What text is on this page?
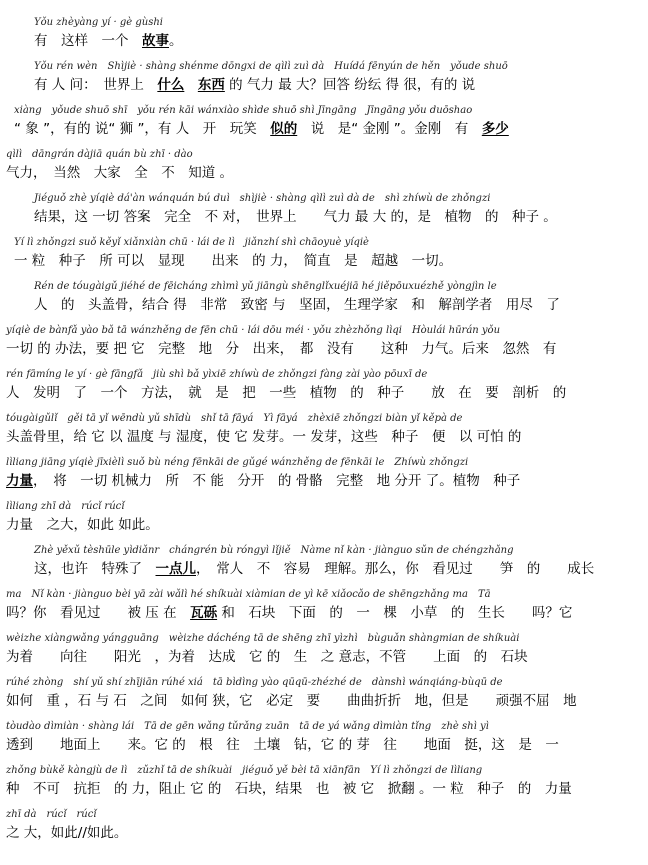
Yǒu zhèyàng yí · gè gùshi
有　这样　一个　故事。
Yǒu rén wèn　Shìjiè · shàng shénme dōngxi de qìlì zuì dà　Huídá fēnyún de hěn　yǒude shuō
有 人 问：　世界上　什么　 东西 的 气力 最 大？回答 纷纭 得 很，有的 说
xiàng　yǒude shuō shī　yǒu rén kāi wánxiào shìde shuō shì Jīngāng　Jīngāng yǒu duōshao
“ 象 ”，有的 说“ 狮 ”，有 人　开　玩笑　似的　说　是“ 金刚 ”。金刚　有　多少
qìlì　dāngrán dàjiā quán bù zhī · dào
气力，　当然　大家　全　不　知道 。
Jiéguǒ zhè yíqiè dá'àn wánquán bú duì　shìjiè · shàng qìlì zuì dà de　shì zhíwù de zhǒngzi
结果，这 一切 答案　完全　不 对，　世界上　　气力 最 大 的，是　植物　的　种子 。
Yí lì zhǒngzi suǒ kěyǐ xiǎnxiàn chū · lái de lì　jiǎnzhí shì chāoyuè yíqiè
一 粒　种子　所 可以　显现　　出来　的 力，　简直　是　超越　一切。
Rén de tóugàigǔ jiéhé de fēicháng zhìmì yǔ jiāngù shēnglǐxuéjiā hé jiěpōuxuézhě yòngjìn le
人　的　头盖骨，结合 得　非常　致密 与　坚固， 生理学家　和　解剖学者　用尽　了
yíqiè de bànfǎ yào bǎ tā wánzhěng de fēn chū · lái dōu méi · yǒu zhèzhǒng lìqi　Hòulái hūrán yǒu
一切 的 办法，要 把 它　完整　地　分　出来，　都　没有　　这种　力气。后来　忽然　有
rén fāmíng le yí · gè fāngfǎ　jiù shì bǎ yìxiē zhíwù de zhǒngzi fàng zài yào pōuxī de
人　发明　了　一个　方法，　就　是　把　一些　植物　的　种子　　放　在　要　剖析　的
tóugàigǔlǐ　gěi tā yǐ wēndù yǔ shīdù　shǐ tā fāyá　Yì fāyá　zhèxiē zhǒngzi biàn yǐ kěpà de
头盖骨里，给 它 以 温度 与 湿度，使 它 发芽。一 发芽，这些　种子　便　以 可怕 的
lìliang jiāng yíqiè jīxièlì suǒ bù néng fēnkāi de gǔgé wánzhěng de fēnkāi le　Zhíwù zhǒngzi
力量，　将　一切 机械力　所　不 能　分开　的 骨骼　完整　地 分开 了。植物　种子
lìliang zhī dà　rúcǐ rúcǐ
力量　之大，如此 如此。
Zhè yěxǔ tèshūle yìdiǎnr　chángrén bù róngyì lǐjiě　Nàme nǐ kàn · jiànguo sǔn de chéngzhǎng
这，也许　特殊了　一点儿，　常人　不　容易　理解。那么，你　看见过　　笋　的　　成长
ma　Nǐ kàn · jiànguo bèi yā zài wǎlì hé shíkuài xiàmian de yì kē xiǎocǎo de shēngzhǎng ma　Tā
吗？你　看见过　　被 压 在　瓦砾 和　石块　下面　的　一　棵　小草　的　生长　　吗？它
wèizhe xiàngwǎng yángguāng　wèizhe dáchéng tā de shēng zhī yìzhì　bùguǎn shàngmian de shíkuài
为着　　向往　　阳光　，为着　达成　它 的　生　之 意志，不管　　上面　的　石块
rúhé zhòng　shí yǔ shí zhījiān rúhé xiá　tā bìdìng yào qūqū-zhézhé de　dànshì wánqiáng-bùqū de
如何　重 ，石 与 石　之间　如何 狭，它　必定　要　　曲曲折折　地，但是　　顽强不屈　地
tòudào dìmiàn · shàng lái　Tā de gēn wǎng tǔrǎng zuān　tā de yá wǎng dìmiàn tǐng　zhè shì yì
透到　　地面上　　来。它 的　根　往　土壤　钻，它 的 芽　往　　地面　挺，这　是　一
zhǒng bùkě kàngjù de lì　zǔzhǐ tā de shíkuài　jiéguǒ yě bèi tā xiānfān　Yí lì zhǒngzi de lìliang
种　不可　抗拒　的 力，阻止 它 的　石块，结果　也　被 它　掀翻 。一 粒　种子　的　力量
zhī dà　rúcǐ　rúcǐ
之 大，如此//如此。
